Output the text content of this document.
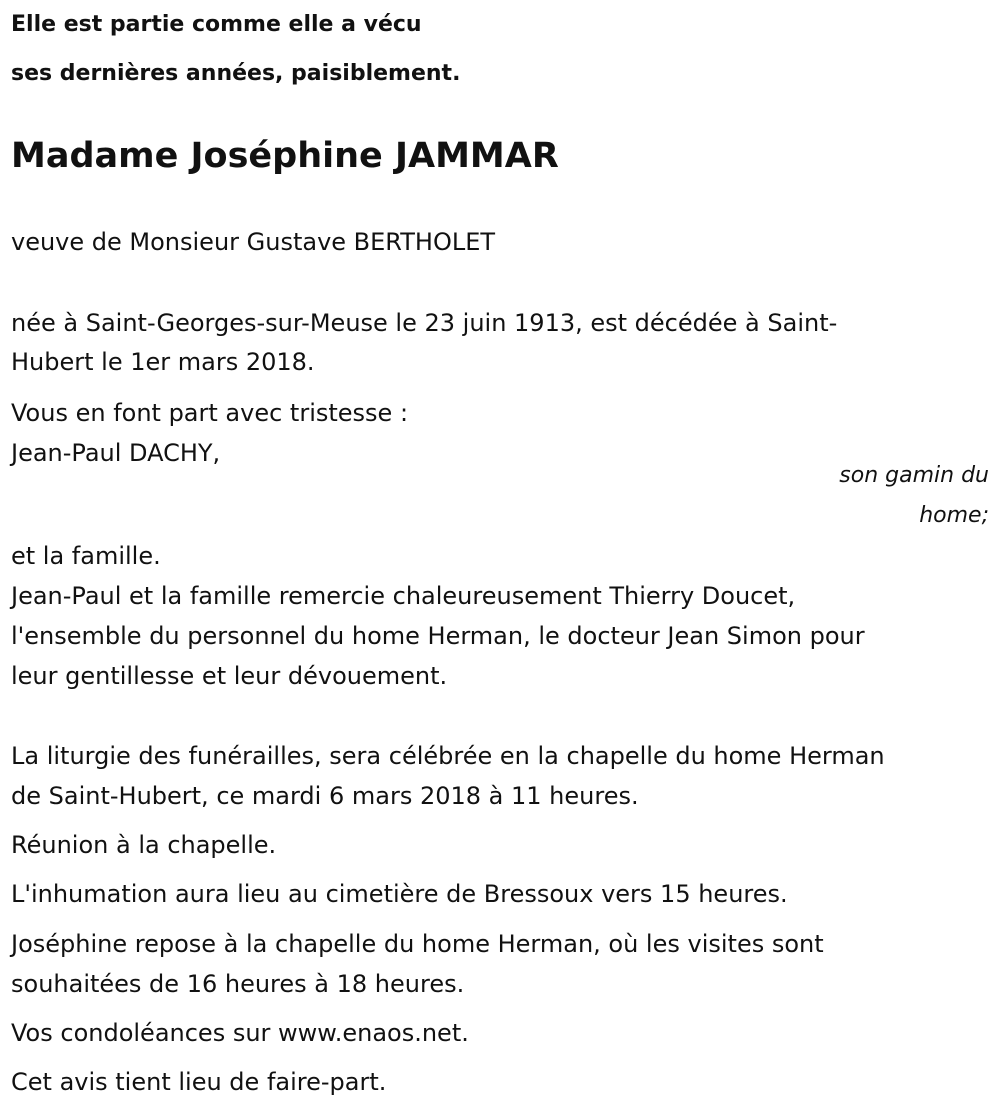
Elle est partie comme elle a vécu
ses dernières années, paisiblement.
Madame Joséphine JAMMAR
veuve de Monsieur Gustave BERTHOLET
née à Saint-Georges-sur-Meuse le 23 juin 1913, est décédée à Saint-
Hubert le 1er mars 2018.
Vous en font part avec tristesse :
Jean-Paul DACHY,
son gamin du
home;
et la famille.
Jean-Paul et la famille remercie chaleureusement Thierry Doucet,
l'ensemble du personnel du home Herman, le docteur Jean Simon pour
leur gentillesse et leur dévouement.
La liturgie des funérailles, sera célébrée en la chapelle du home Herman
de Saint-Hubert, ce mardi 6 mars 2018 à 11 heures.
Réunion à la chapelle.
L'inhumation aura lieu au cimetière de Bressoux vers 15 heures.
Joséphine repose à la chapelle du home Herman, où les visites sont
souhaitées de 16 heures à 18 heures.
Vos condoléances sur www.enaos.net.
Cet avis tient lieu de faire-part.
